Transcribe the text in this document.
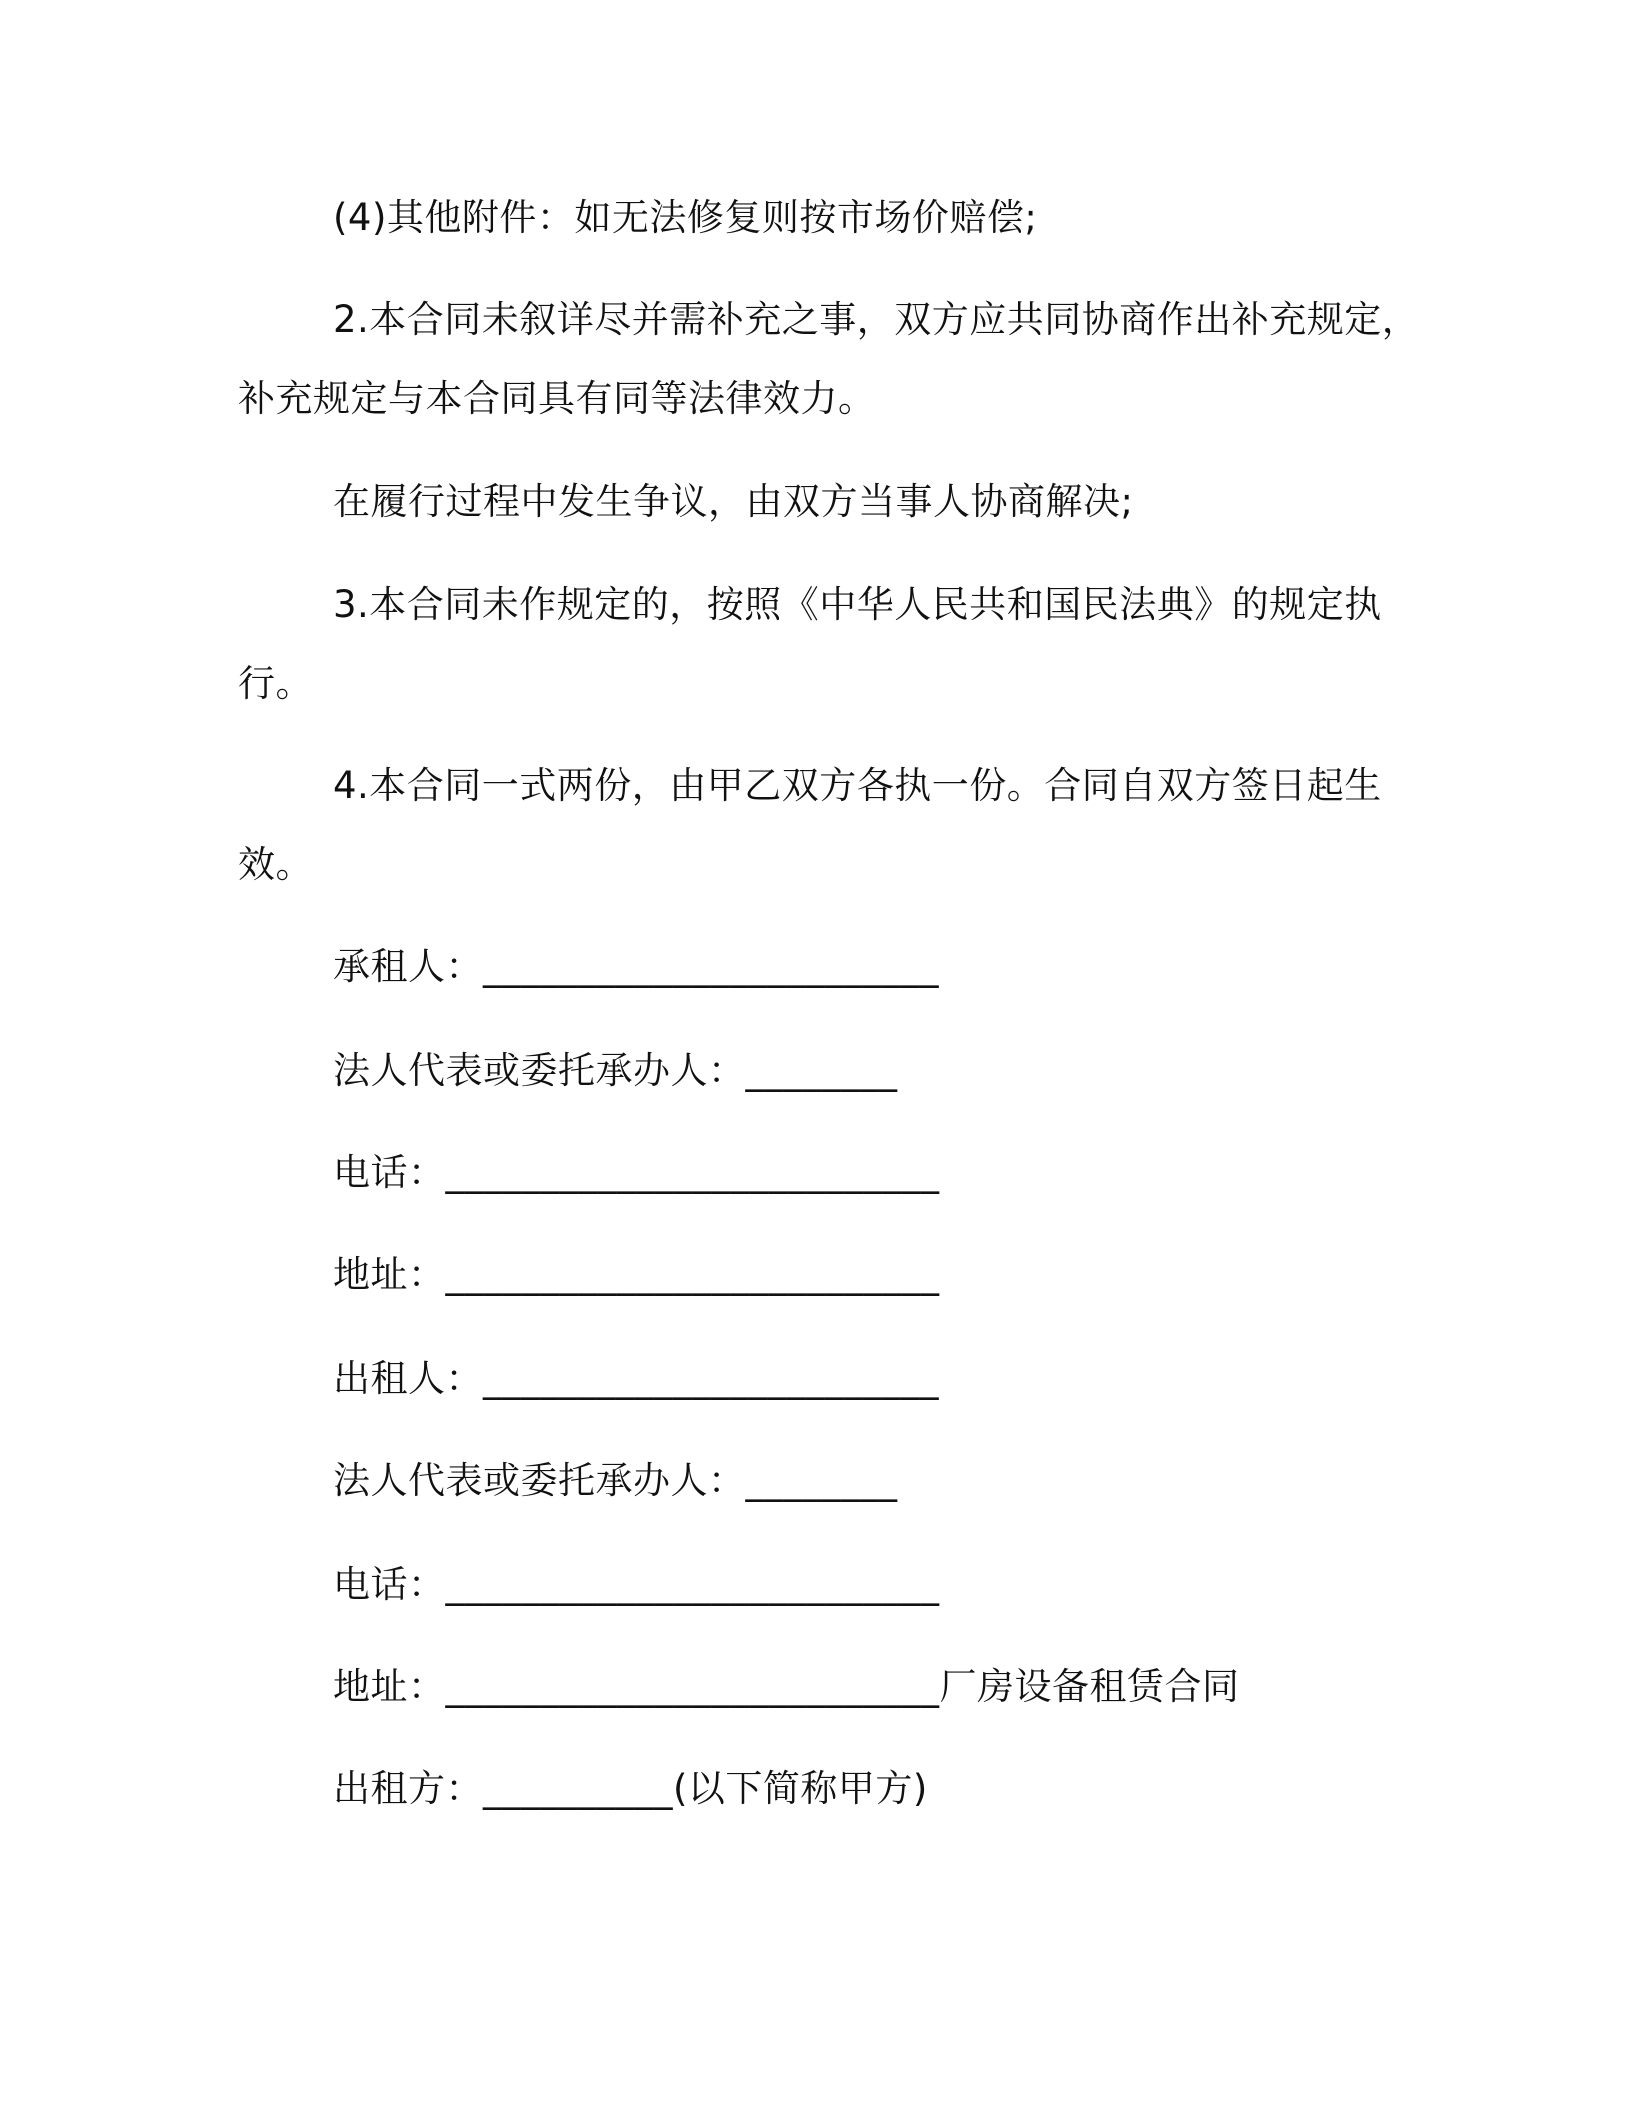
(4)其他附件：如无法修复则按市场价赔偿;
2.本合同未叙详尽并需补充之事，双方应共同协商作出补充规定，
补充规定与本合同具有同等法律效力。
在履行过程中发生争议，由双方当事人协商解决;
3.本合同未作规定的，按照《中华人民共和国民法典》的规定执
行。
4.本合同一式两份，由甲乙双方各执一份。合同自双方签日起生
效。
承租人：________________________
法人代表或委托承办人：________
电话：__________________________
地址：__________________________
出租人：________________________
法人代表或委托承办人：________
电话：__________________________
地址：__________________________厂房设备租赁合同
出租方：__________(以下简称甲方)
